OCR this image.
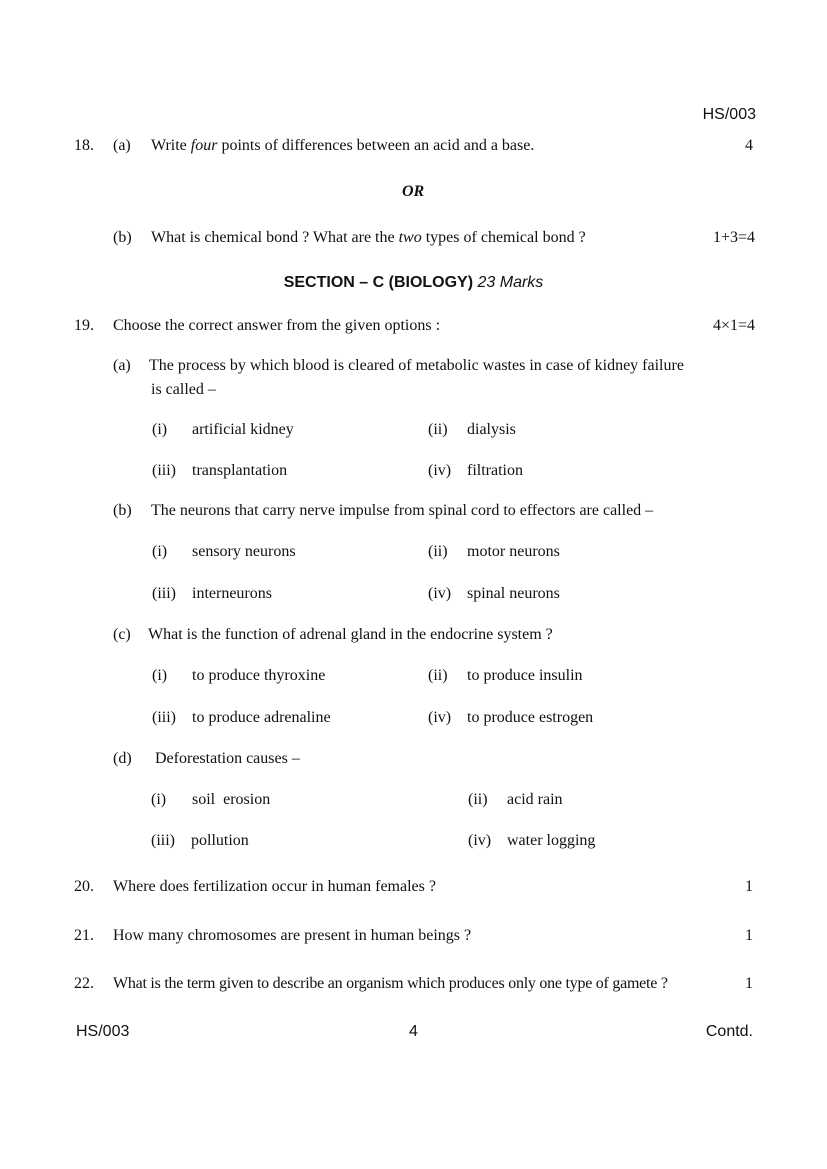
HS/003
18. (a) Write four points of differences between an acid and a base.	4
OR
(b) What is chemical bond ? What are the two types of chemical bond ?	1+3=4
SECTION – C (BIOLOGY) 23 Marks
19. Choose the correct answer from the given options :	4×1=4
(a) The process by which blood is cleared of metabolic wastes in case of kidney failure
is called –
(i) artificial kidney	(ii) dialysis
(iii) transplantation	(iv) filtration
(b) The neurons that carry nerve impulse from spinal cord to effectors are called –
(i) sensory neurons	(ii) motor neurons
(iii) interneurons	(iv) spinal neurons
(c) What is the function of adrenal gland in the endocrine system ?
(i) to produce thyroxine	(ii) to produce insulin
(iii) to produce adrenaline	(iv) to produce estrogen
(d) Deforestation causes –
(i) soil  erosion	(ii) acid rain
(iii) pollution	(iv) water logging
20. Where does fertilization occur in human females ?	1
21. How many chromosomes are present in human beings ?	1
22. What is the term given to describe an organism which produces only one type of gamete ?	1
HS/003	4	Contd.
